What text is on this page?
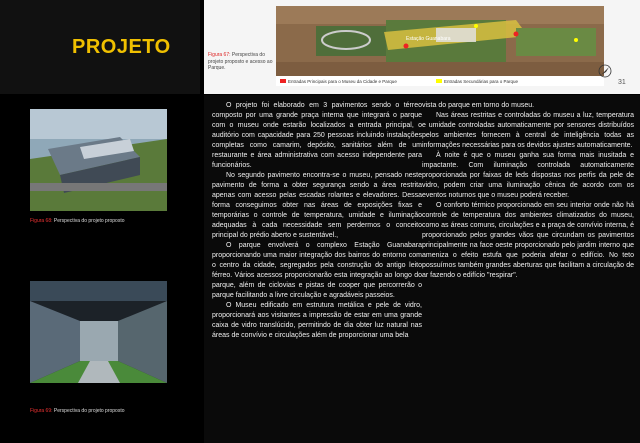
PROJETO	Figura 67: Perspectiva do projeto proposto e acesso ao Parque.
Estação Guanabara
Entradas Principais para o Museu da Cidade e Parque	Entradas Secundárias para o Parque	31
Figura 68: Perspectiva do projeto proposto
Figura 69: Perspectiva do projeto proposto

O projeto foi elaborado em 3 pavimentos sendo o térreo composto por uma grande praça interna que integrará o parque com o museu onde estarão localizados a entrada principal, o auditório com capacidade para 250 pessoas incluindo instalações completas como camarim, depósito, sanitários além de um restaurante e área administrativa com acesso independente para funcionários.

No segundo pavimento encontra-se o museu, pensado neste pavimento de forma a obter segurança sendo a área restrita apenas com acesso pelas escadas rolantes e elevadores. Dessa forma conseguimos obter nas áreas de exposições fixas e temporárias o controle de temperatura, umidade e iluminação adequadas à cada necessidade sem perdermos o conceito principal do prédio aberto e sustentável.,

O parque envolverá o complexo Estação Guanabara proporcionando uma maior integração dos bairros do entorno com o centro da cidade, segregados pela construção do antigo leito férreo. Vários acessos proporcionarão esta integração ao longo do parque, além de ciclovias e pistas de cooper que percorrerão o parque facilitando a livre circulação e agradáveis passeios.

O Museu edificado em estrutura metálica e pele de vidro, proporcionará aos visitantes a impressão de estar em uma grande caixa de vidro translúcido, permitindo de dia obter luz natural nas áreas de convívio e circulações além de proporcionar uma bela

vista do parque em torno do museu.

Nas áreas restritas e controladas do museu a luz, temperatura e umidade controladas automaticamente por sensores distribuídos pelos ambientes fornecem à central de inteligência todas as informações necessárias para os devidos ajustes automaticamente.

À noite é que o museu ganha sua forma mais inusitada e impactante. Com iluminação controlada automaticamente proporcionada por faixas de leds dispostas nos perfis da pele de vidro, podem criar uma iluminação cênica de acordo com os eventos noturnos que o museu poderá receber.

O conforto térmico proporcionado em seu interior onde não há controle de temperatura dos ambientes climatizados do museu, como as áreas comuns, circulações e a praça de convívio interna, é proporcionado pelos grandes vãos que circundam os pavimentos principalmente na face oeste proporcionado pelo jardim interno que ameniza o efeito estufa que poderia afetar o edifício. No teto possuímos também grandes aberturas que facilitam a circulação de ar fazendo o edifício "respirar".
